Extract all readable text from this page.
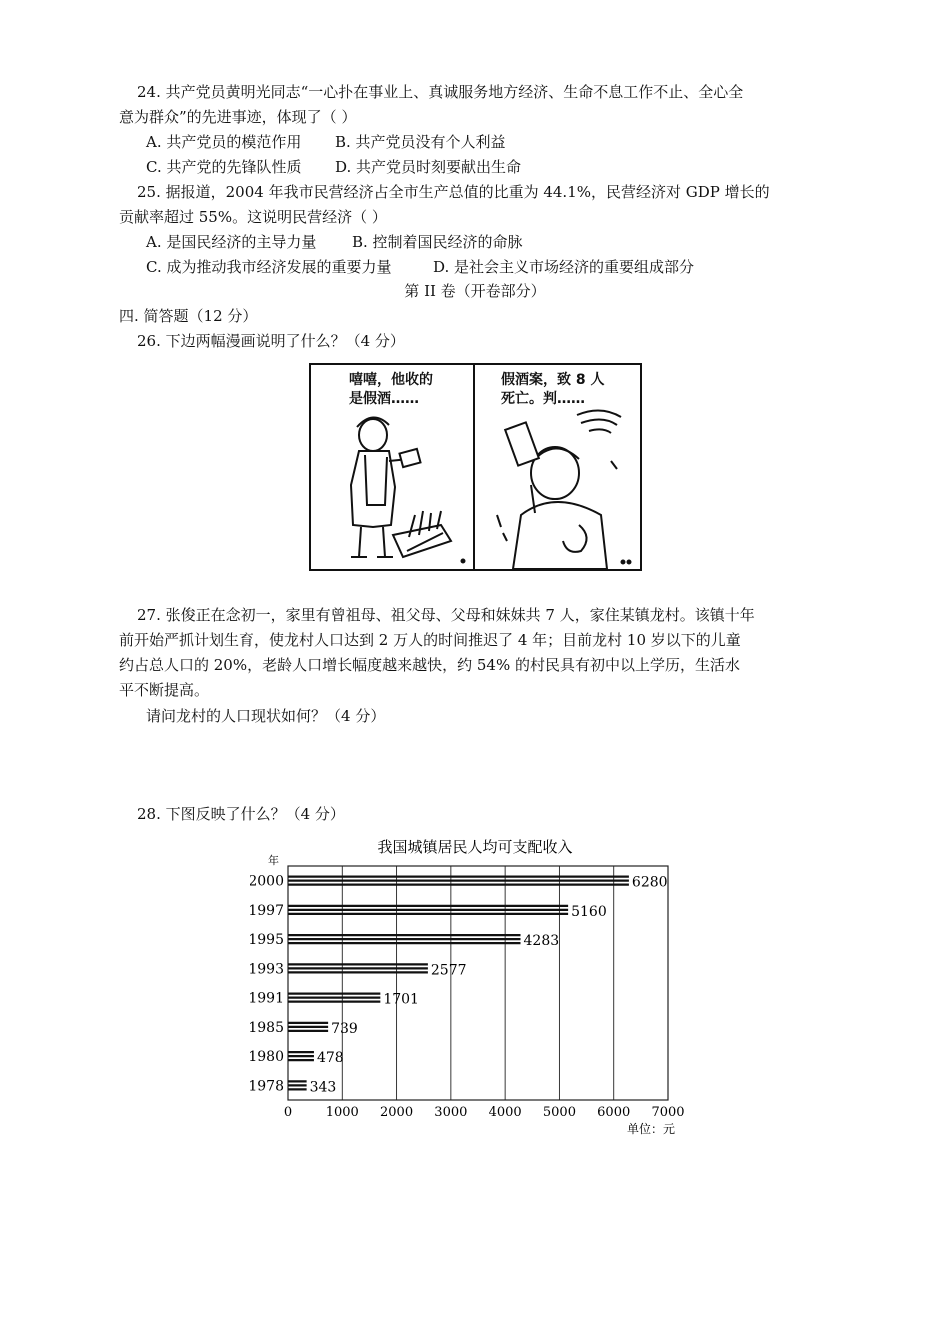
24. 共产党员黄明光同志“一心扑在事业上、真诚服务地方经济、生命不息工作不止、全心全
意为群众”的先进事迹，体现了（ ）
A. 共产党员的模范作用 B. 共产党员没有个人利益
C. 共产党的先锋队性质 D. 共产党员时刻要献出生命
25. 据报道，2004 年我市民营经济占全市生产总值的比重为 44.1%，民营经济对 GDP 增长的
贡献率超过 55%。这说明民营经济（ ）
A. 是国民经济的主导力量 B. 控制着国民经济的命脉
C. 成为推动我市经济发展的重要力量	D. 是社会主义市场经济的重要组成部分
第 II 卷（开卷部分）
四. 简答题（12 分）
26. 下边两幅漫画说明了什么？（4 分）
嘻嘻，他收的
是假酒……
假酒案，致 8 人
死亡。判……
27. 张俊正在念初一，家里有曾祖母、祖父母、父母和妹妹共 7 人，家住某镇龙村。该镇十年
前开始严抓计划生育，使龙村人口达到 2 万人的时间推迟了 4 年；目前龙村 10 岁以下的儿童
约占总人口的 20%，老龄人口增长幅度越来越快，约 54% 的村民具有初中以上学历，生活水
平不断提高。
请问龙村的人口现状如何？（4 分）
28. 下图反映了什么？（4 分）
我国城镇居民人均可支配收入
年
单位：元
0	1000 2000 3000 4000 5000 6000 7000
2000	6280
1997	5160
1995	4283
1993	2577
1991	1701
1985	739
1980 478
1978 343
